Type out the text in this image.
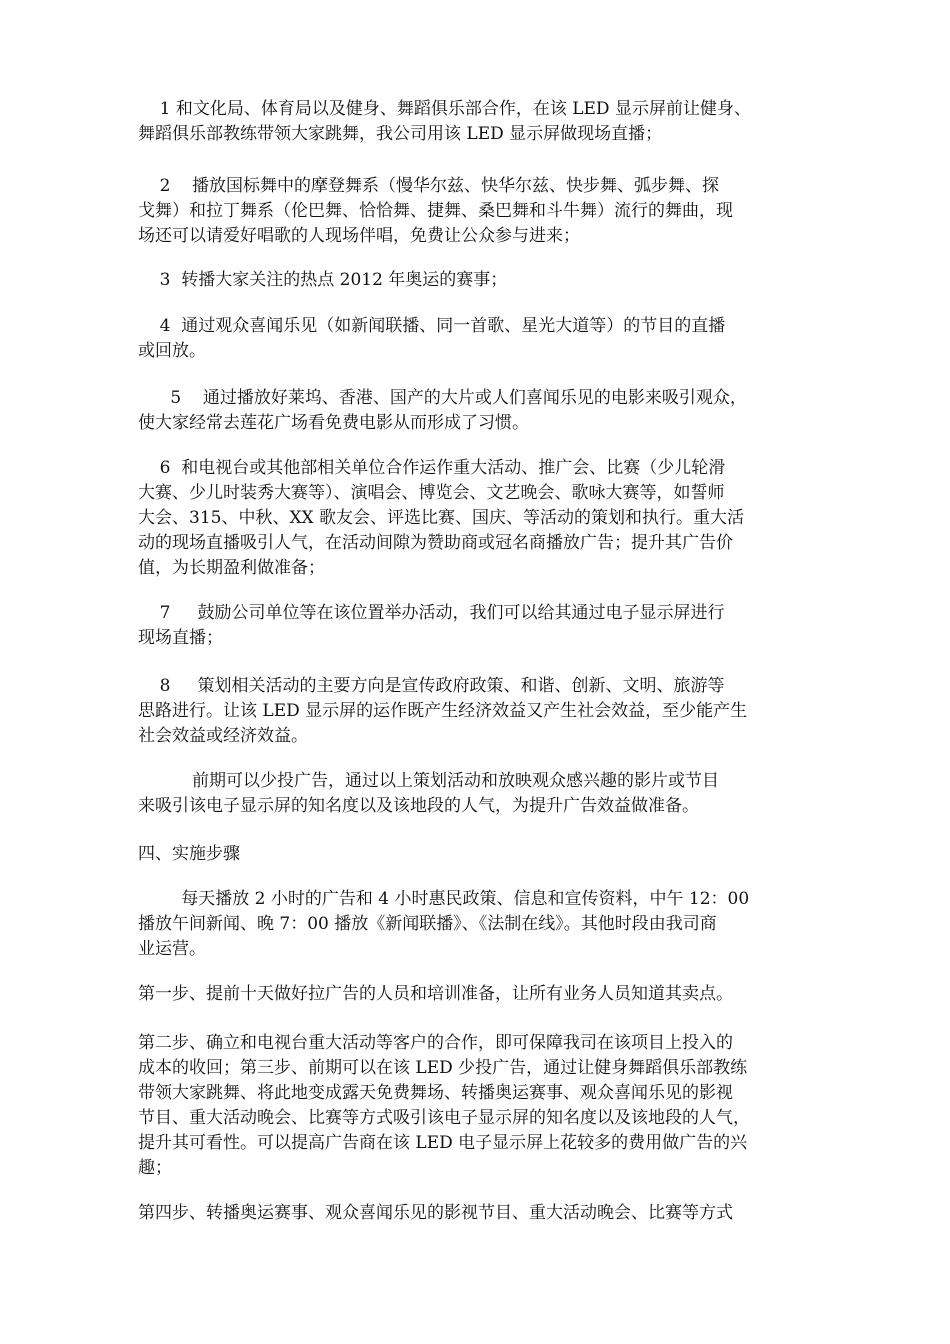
1 和文化局、体育局以及健身、舞蹈俱乐部合作，在该 LED 显示屏前让健身、
舞蹈俱乐部教练带领大家跳舞，我公司用该 LED 显示屏做现场直播；
2    播放国标舞中的摩登舞系（慢华尔兹、快华尔兹、快步舞、弧步舞、探
戈舞）和拉丁舞系（伦巴舞、恰恰舞、捷舞、桑巴舞和斗牛舞）流行的舞曲，现
场还可以请爱好唱歌的人现场伴唱，免费让公众参与进来；
3  转播大家关注的热点 2012 年奥运的赛事；
4  通过观众喜闻乐见（如新闻联播、同一首歌、星光大道等）的节目的直播
或回放。
5    通过播放好莱坞、香港、国产的大片或人们喜闻乐见的电影来吸引观众，
使大家经常去莲花广场看免费电影从而形成了习惯。
6  和电视台或其他部相关单位合作运作重大活动、推广会、比赛（少儿轮滑
大赛、少儿时装秀大赛等）、演唱会、博览会、文艺晚会、歌咏大赛等，如誓师
大会、315、中秋、XX 歌友会、评选比赛、国庆、等活动的策划和执行。重大活
动的现场直播吸引人气，在活动间隙为赞助商或冠名商播放广告；提升其广告价
值，为长期盈利做准备；
7     鼓励公司单位等在该位置举办活动，我们可以给其通过电子显示屏进行
现场直播；
8     策划相关活动的主要方向是宣传政府政策、和谐、创新、文明、旅游等
思路进行。让该 LED 显示屏的运作既产生经济效益又产生社会效益，至少能产生
社会效益或经济效益。
前期可以少投广告，通过以上策划活动和放映观众感兴趣的影片或节目
来吸引该电子显示屏的知名度以及该地段的人气，为提升广告效益做准备。
四、实施步骤
每天播放 2 小时的广告和 4 小时惠民政策、信息和宣传资料，中午 12：00
播放午间新闻、晚 7：00 播放《新闻联播》、《法制在线》。其他时段由我司商
业运营。
第一步、提前十天做好拉广告的人员和培训准备，让所有业务人员知道其卖点。
第二步、确立和电视台重大活动等客户的合作，即可保障我司在该项目上投入的
成本的收回；第三步、前期可以在该 LED 少投广告，通过让健身舞蹈俱乐部教练
带领大家跳舞、将此地变成露天免费舞场、转播奥运赛事、观众喜闻乐见的影视
节目、重大活动晚会、比赛等方式吸引该电子显示屏的知名度以及该地段的人气，
提升其可看性。可以提高广告商在该 LED 电子显示屏上花较多的费用做广告的兴
趣；
第四步、转播奥运赛事、观众喜闻乐见的影视节目、重大活动晚会、比赛等方式
